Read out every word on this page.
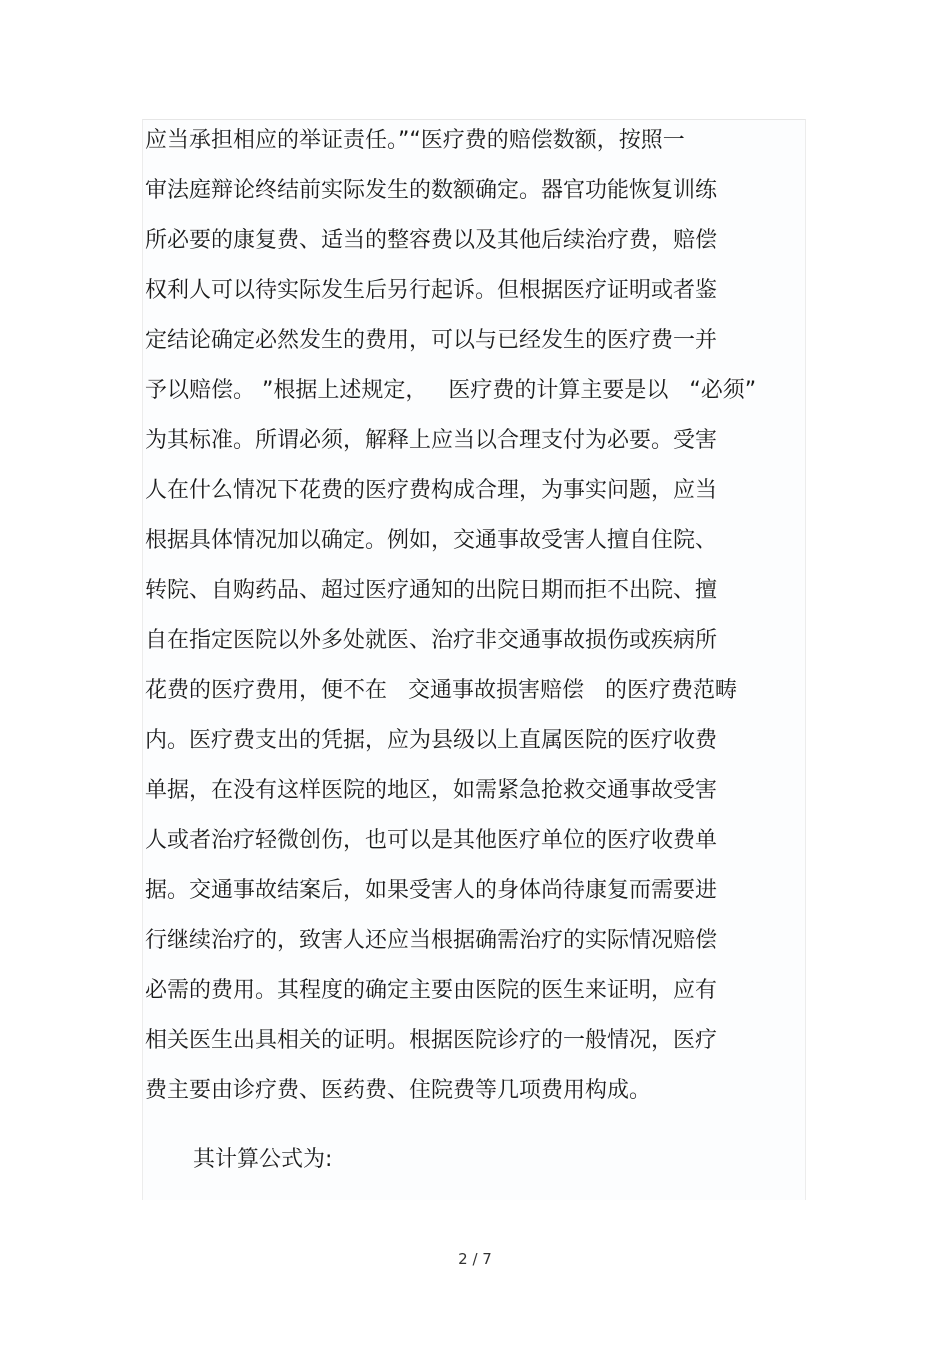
应当承担相应的举证责任。”“医疗费的赔偿数额，按照一
审法庭辩论终结前实际发生的数额确定。器官功能恢复训练
所必要的康复费、适当的整容费以及其他后续治疗费，赔偿
权利人可以待实际发生后另行起诉。但根据医疗证明或者鉴
定结论确定必然发生的费用，可以与已经发生的医疗费一并
予以赔偿。 ”根据上述规定，   医疗费的计算主要是以   “必须”
为其标准。所谓必须，解释上应当以合理支付为必要。受害
人在什么情况下花费的医疗费构成合理，为事实问题，应当
根据具体情况加以确定。例如，交通事故受害人擅自住院、
转院、自购药品、超过医疗通知的出院日期而拒不出院、擅
自在指定医院以外多处就医、治疗非交通事故损伤或疾病所
花费的医疗费用，便不在   交通事故损害赔偿   的医疗费范畴
内。医疗费支出的凭据，应为县级以上直属医院的医疗收费
单据，在没有这样医院的地区，如需紧急抢救交通事故受害
人或者治疗轻微创伤，也可以是其他医疗单位的医疗收费单
据。交通事故结案后，如果受害人的身体尚待康复而需要进
行继续治疗的，致害人还应当根据确需治疗的实际情况赔偿
必需的费用。其程度的确定主要由医院的医生来证明，应有
相关医生出具相关的证明。根据医院诊疗的一般情况，医疗
费主要由诊疗费、医药费、住院费等几项费用构成。
其计算公式为:
2 / 7
